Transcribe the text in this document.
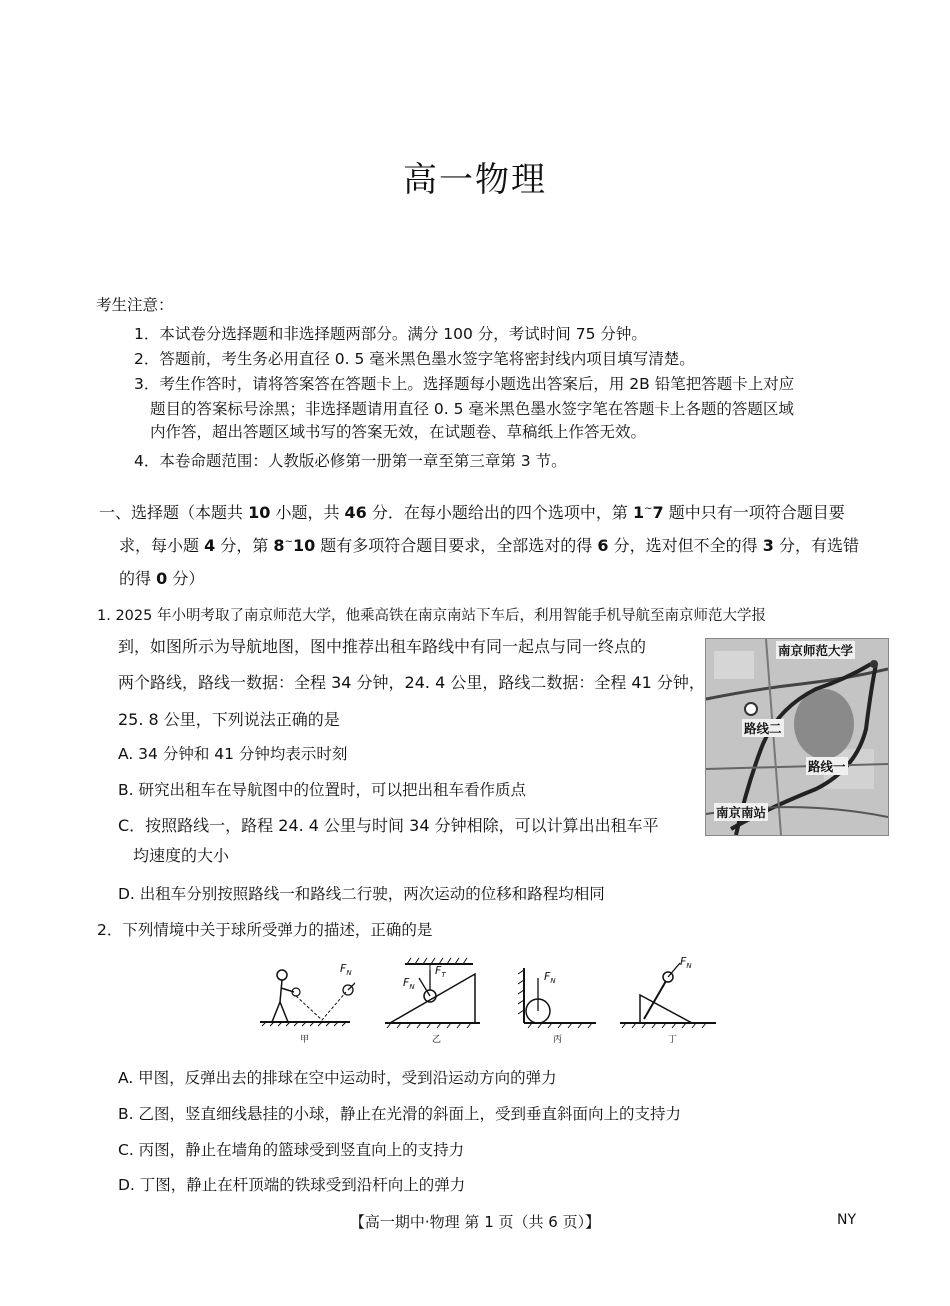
高一物理
考生注意：
1．本试卷分选择题和非选择题两部分。满分 100 分，考试时间 75 分钟。
2．答题前，考生务必用直径 0. 5 毫米黑色墨水签字笔将密封线内项目填写清楚。
3．考生作答时，请将答案答在答题卡上。选择题每小题选出答案后，用 2B 铅笔把答题卡上对应
题目的答案标号涂黑；非选择题请用直径 0. 5 毫米黑色墨水签字笔在答题卡上各题的答题区域
内作答，超出答题区域书写的答案无效，在试题卷、草稿纸上作答无效。
4．本卷命题范围：人教版必修第一册第一章至第三章第 3 节。
一、选择题（本题共 10 小题，共 46 分．在每小题给出的四个选项中，第 1~7 题中只有一项符合题目要
求，每小题 4 分，第 8~10 题有多项符合题目要求，全部选对的得 6 分，选对但不全的得 3 分，有选错
的得 0 分）
1. 2025 年小明考取了南京师范大学，他乘高铁在南京南站下车后，利用智能手机导航至南京师范大学报
到，如图所示为导航地图，图中推荐出租车路线中有同一起点与同一终点的
两个路线，路线一数据：全程 34 分钟，24. 4 公里，路线二数据：全程 41 分钟，
25. 8 公里，下列说法正确的是
A. 34 分钟和 41 分钟均表示时刻
B. 研究出租车在导航图中的位置时，可以把出租车看作质点
C．按照路线一，路程 24. 4 公里与时间 34 分钟相除，可以计算出出租车平
均速度的大小
D. 出租车分别按照路线一和路线二行驶，两次运动的位移和路程均相同
南京师范大学
路线二
路线一
南京南站
2．下列情境中关于球所受弹力的描述，正确的是
$F_N$
甲
$F_T$
$F_N$
乙
$F_N$
丙
$F_N$
丁
A. 甲图，反弹出去的排球在空中运动时，受到沿运动方向的弹力
B. 乙图，竖直细线悬挂的小球，静止在光滑的斜面上，受到垂直斜面向上的支持力
C. 丙图，静止在墙角的篮球受到竖直向上的支持力
D. 丁图，静止在杆顶端的铁球受到沿杆向上的弹力
【高一期中·物理 第 1 页（共 6 页）】	NY
